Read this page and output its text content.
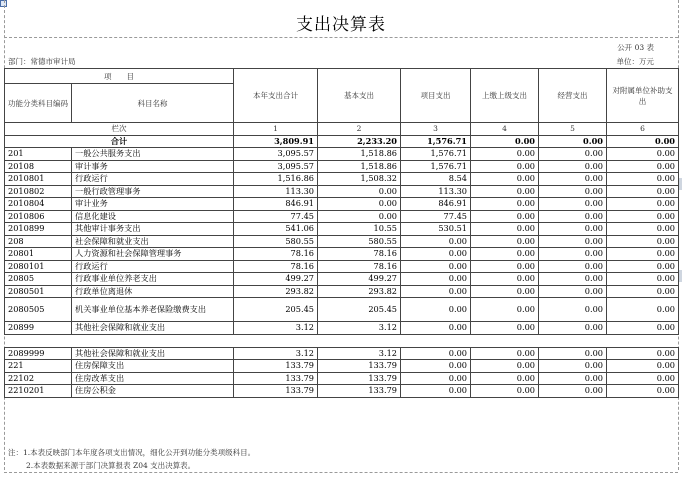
支出决算表
公开 03 表
部门：常德市审计局	单位：万元
项　　目		本年支出合计	基本支出	项目支出	上缴上级支出	经营支出	对附属单位补助支出
功能分类科目编码	科目名称						
栏次		1	2	3	4	5	6
合计		3,809.91	2,233.20	1,576.71	0.00	0.00	0.00
201	一般公共服务支出	3,095.57	1,518.86	1,576.71	0.00	0.00	0.00
20108	审计事务	3,095.57	1,518.86	1,576.71	0.00	0.00	0.00
2010801	行政运行	1,516.86	1,508.32	8.54	0.00	0.00	0.00
2010802	一般行政管理事务	113.30	0.00	113.30	0.00	0.00	0.00
2010804	审计业务	846.91	0.00	846.91	0.00	0.00	0.00
2010806	信息化建设	77.45	0.00	77.45	0.00	0.00	0.00
2010899	其他审计事务支出	541.06	10.55	530.51	0.00	0.00	0.00
208	社会保障和就业支出	580.55	580.55	0.00	0.00	0.00	0.00
20801	人力资源和社会保障管理事务	78.16	78.16	0.00	0.00	0.00	0.00
2080101	行政运行	78.16	78.16	0.00	0.00	0.00	0.00
20805	行政事业单位养老支出	499.27	499.27	0.00	0.00	0.00	0.00
2080501	行政单位离退休	293.82	293.82	0.00	0.00	0.00	0.00
2080505	机关事业单位基本养老保险缴费支出	205.45	205.45	0.00	0.00	0.00	0.00
20899	其他社会保障和就业支出	3.12	3.12	0.00	0.00	0.00	0.00

2089999	其他社会保障和就业支出	3.12	3.12	0.00	0.00	0.00	0.00
221	住房保障支出	133.79	133.79	0.00	0.00	0.00	0.00
22102	住房改革支出	133.79	133.79	0.00	0.00	0.00	0.00
2210201	住房公积金	133.79	133.79	0.00	0.00	0.00	0.00
注：1.本表反映部门本年度各项支出情况，细化公开到功能分类项级科目。
2.本表数据来源于部门决算报表 Z04 支出决算表。
